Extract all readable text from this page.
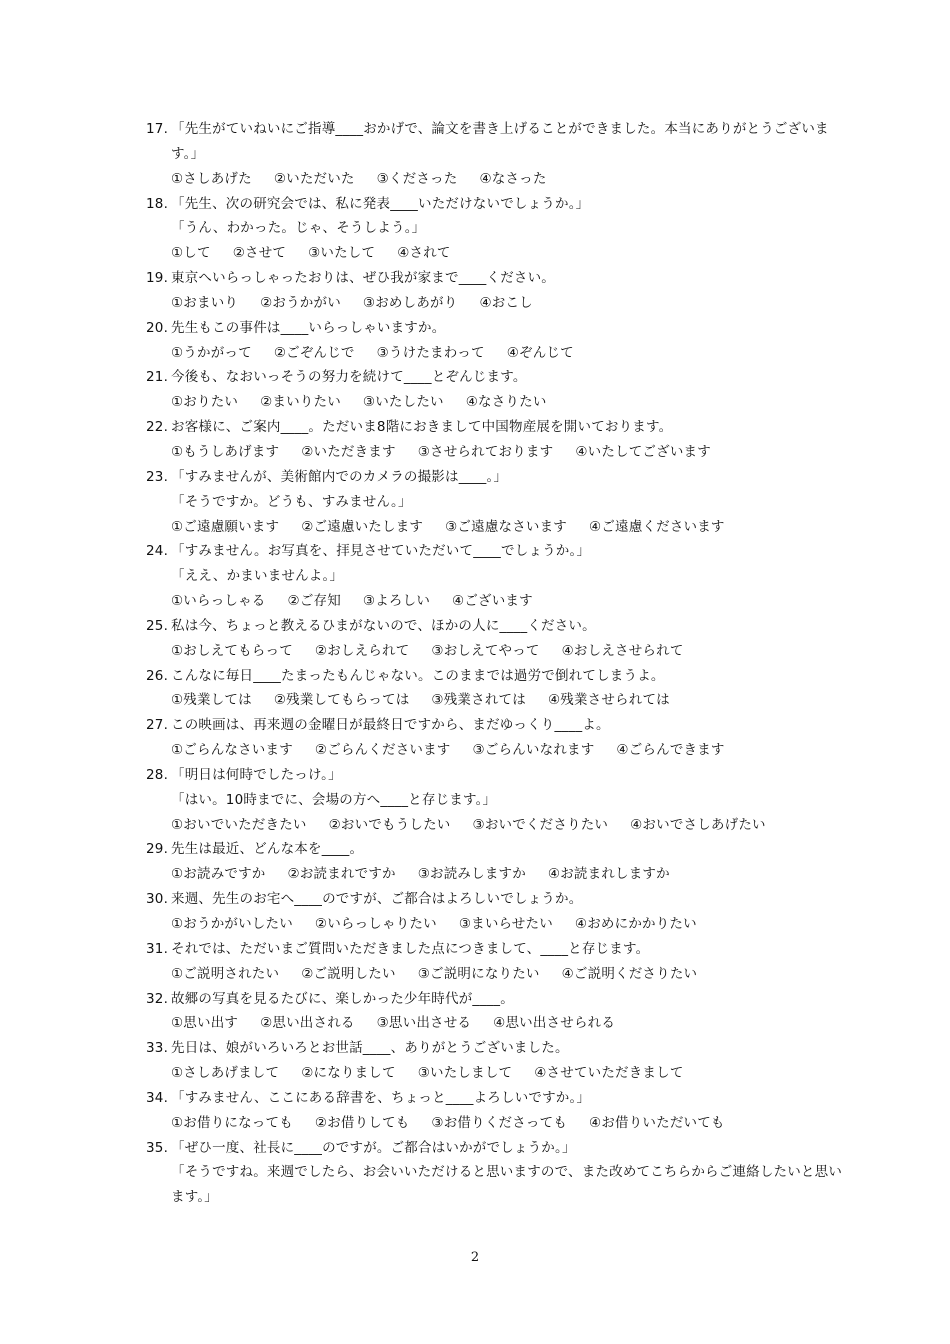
17. 「先生がていねいにご指導____おかげで、論文を書き上げることができました。本当にありがとうございま
す。」
①さしあげた ②いただいた ③くださった ④なさった
18. 「先生、次の研究会では、私に発表____いただけないでしょうか。」
「うん、わかった。じゃ、そうしよう。」
①して ②させて ③いたして ④されて
19. 東京へいらっしゃったおりは、ぜひ我が家まで____ください。
①おまいり ②おうかがい ③おめしあがり ④おこし
20. 先生もこの事件は____いらっしゃいますか。
①うかがって ②ごぞんじで ③うけたまわって ④ぞんじて
21. 今後も、なおいっそうの努力を続けて____とぞんじます。
①おりたい ②まいりたい ③いたしたい ④なさりたい
22. お客様に、ご案内____。ただいま8階におきまして中国物産展を開いております。
①もうしあげます ②いただきます ③させられております ④いたしてございます
23. 「すみませんが、美術館内でのカメラの撮影は____。」
「そうですか。どうも、すみません。」
①ご遠慮願います ②ご遠慮いたします ③ご遠慮なさいます ④ご遠慮くださいます
24. 「すみません。お写真を、拝見させていただいて____でしょうか。」
「ええ、かまいませんよ。」
①いらっしゃる ②ご存知 ③よろしい ④ございます
25. 私は今、ちょっと教えるひまがないので、ほかの人に____ください。
①おしえてもらって ②おしえられて ③おしえてやって ④おしえさせられて
26. こんなに毎日____たまったもんじゃない。このままでは過労で倒れてしまうよ。
①残業しては ②残業してもらっては ③残業されては ④残業させられては
27. この映画は、再来週の金曜日が最終日ですから、まだゆっくり____よ。
①ごらんなさいます ②ごらんくださいます ③ごらんいなれます ④ごらんできます
28. 「明日は何時でしたっけ。」
「はい。10時までに、会場の方へ____と存じます。」
①おいでいただきたい ②おいでもうしたい ③おいでくださりたい ④おいでさしあげたい
29. 先生は最近、どんな本を____。
①お読みですか ②お読まれですか ③お読みしますか ④お読まれしますか
30. 来週、先生のお宅へ____のですが、ご都合はよろしいでしょうか。
①おうかがいしたい ②いらっしゃりたい ③まいらせたい ④おめにかかりたい
31. それでは、ただいまご質問いただきました点につきまして、____と存じます。
①ご説明されたい ②ご説明したい ③ご説明になりたい ④ご説明くださりたい
32. 故郷の写真を見るたびに、楽しかった少年時代が____。
①思い出す ②思い出される ③思い出させる ④思い出させられる
33. 先日は、娘がいろいろとお世話____、ありがとうございました。
①さしあげまして ②になりまして ③いたしまして ④させていただきまして
34. 「すみません、ここにある辞書を、ちょっと____よろしいですか。」
①お借りになっても ②お借りしても ③お借りくださっても ④お借りいただいても
35. 「ぜひ一度、社長に____のですが。ご都合はいかがでしょうか。」
「そうですね。来週でしたら、お会いいただけると思いますので、また改めてこちらからご連絡したいと思い
ます。」
2
